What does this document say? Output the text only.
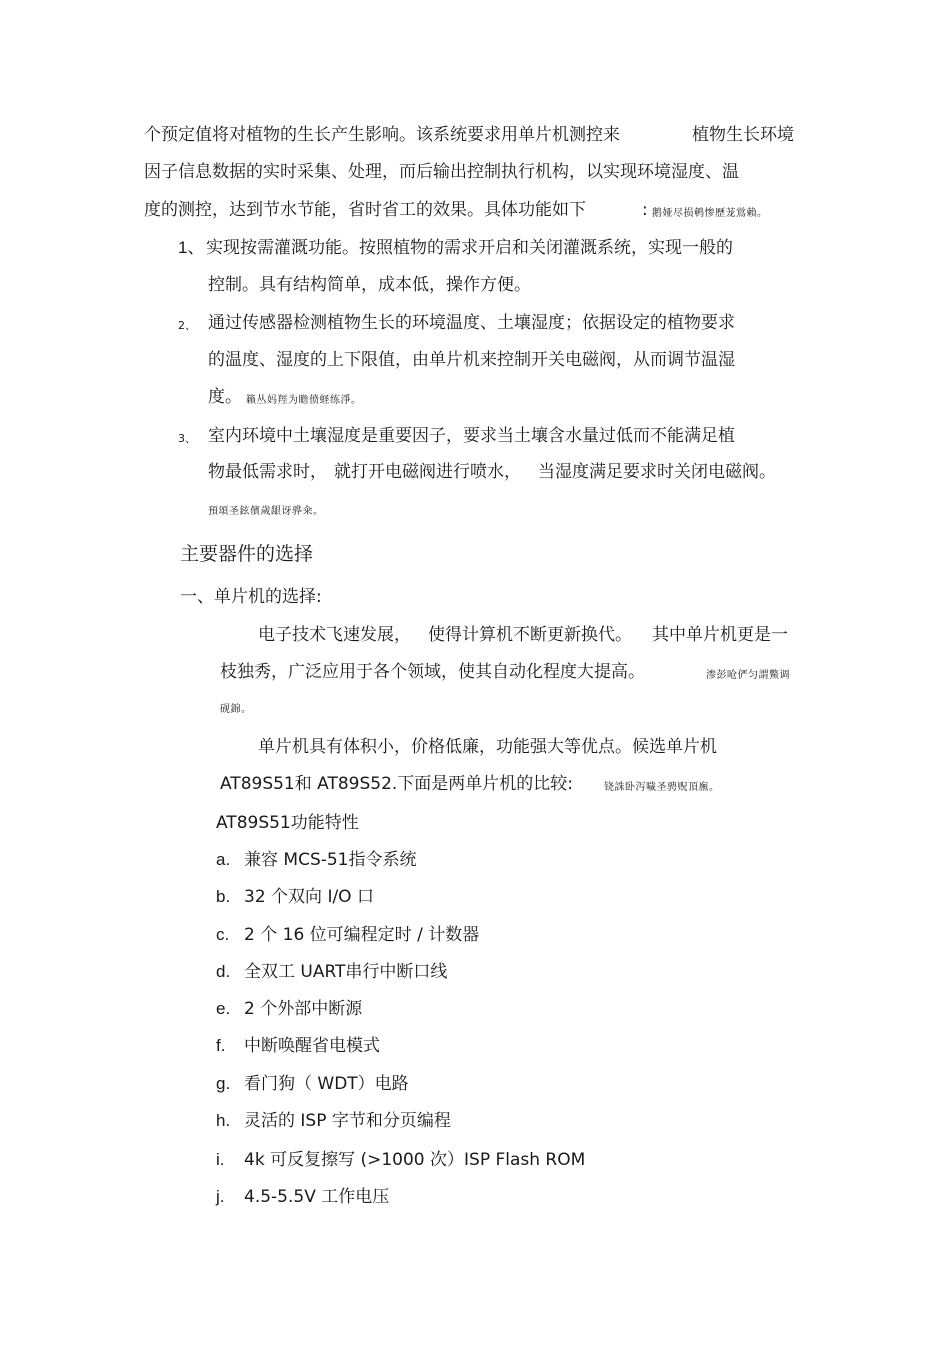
个预定值将对植物的生长产生影响。该系统要求用单片机测控来	植物生长环境
因子信息数据的实时采集、处理，而后输出控制执行机构，以实现环境湿度、温
度的测控，达到节水节能，省时省工的效果。具体功能如下	: 鹅娅尽损鹌惨歷茏鴬賴。
1、 实现按需灌溉功能。按照植物的需求开启和关闭灌溉系统，实现一般的
控制。具有结构简单，成本低，操作方便。
2、 通过传感器检测植物生长的环境温度、土壤湿度；依据设定的植物要求
的温度、湿度的上下限值，由单片机来控制开关电磁阀，从而调节温湿
度。 籟丛妈羥为瞻偾蛏练淨。
3、 室内环境中土壤湿度是重要因子，要求当土壤含水量过低而不能满足植
物最低需求时， 就打开电磁阀进行喷水， 当湿度满足要求时关闭电磁阀。
預頌圣鉉儐歲龈讶骅籴。
主要器件的选择
一、单片机的选择:
电子技术飞速发展， 使得计算机不断更新换代。 其中单片机更是一
枝独秀，广泛应用于各个领域，使其自动化程度大提高。	渗彭呛俨匀謂鱉调
砚錦。
单片机具有体积小，价格低廉，功能强大等优点。候选单片机
AT89S51和 AT89S52.下面是两单片机的比较:	铙誅卧泻噦圣骋贶頂廡。
AT89S51功能特性
a. 兼容 MCS-51指令系统
b. 32 个双向 I/O 口
c. 2 个 16 位可编程定时 / 计数器
d. 全双工 UART串行中断口线
e. 2 个外部中断源
f. 中断唤醒省电模式
g. 看门狗（ WDT）电路
h. 灵活的 ISP 字节和分页编程
i. 4k 可反复擦写 (>1000 次）ISP Flash ROM
j. 4.5-5.5V 工作电压
